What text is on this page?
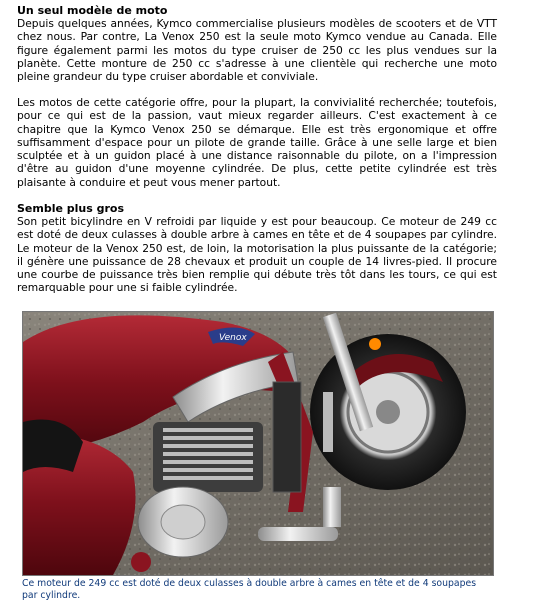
Un seul modèle de moto

Depuis quelques années, Kymco commercialise plusieurs modèles de scooters et de VTT chez nous. Par contre, La Venox 250 est la seule moto Kymco vendue au Canada. Elle figure également parmi les motos du type cruiser de 250 cc les plus vendues sur la planète. Cette monture de 250 cc s'adresse à une clientèle qui recherche une moto pleine grandeur du type cruiser abordable et conviviale.

Les motos de cette catégorie offre, pour la plupart, la convivialité recherchée; toutefois, pour ce qui est de la passion, vaut mieux regarder ailleurs. C'est exactement à ce chapitre que la Kymco Venox 250 se démarque. Elle est très ergonomique et offre suffisamment d'espace pour un pilote de grande taille. Grâce à une selle large et bien sculptée et à un guidon placé à une distance raisonnable du pilote, on a l'impression d'être au guidon d'une moyenne cylindrée. De plus, cette petite cylindrée est très plaisante à conduire et peut vous mener partout.

Semble plus gros

Son petit bicylindre en V refroidi par liquide y est pour beaucoup. Ce moteur de 249 cc est doté de deux culasses à double arbre à cames en tête et de 4 soupapes par cylindre. Le moteur de la Venox 250 est, de loin, la motorisation la plus puissante de la catégorie; il génère une puissance de 28 chevaux et produit un couple de 14 livres-pied. Il procure une courbe de puissance très bien remplie qui débute très tôt dans les tours, ce qui est remarquable pour une si faible cylindrée.

Venox
Ce moteur de 249 cc est doté de deux culasses à double arbre à cames en tête et de 4 soupapes par cylindre.
